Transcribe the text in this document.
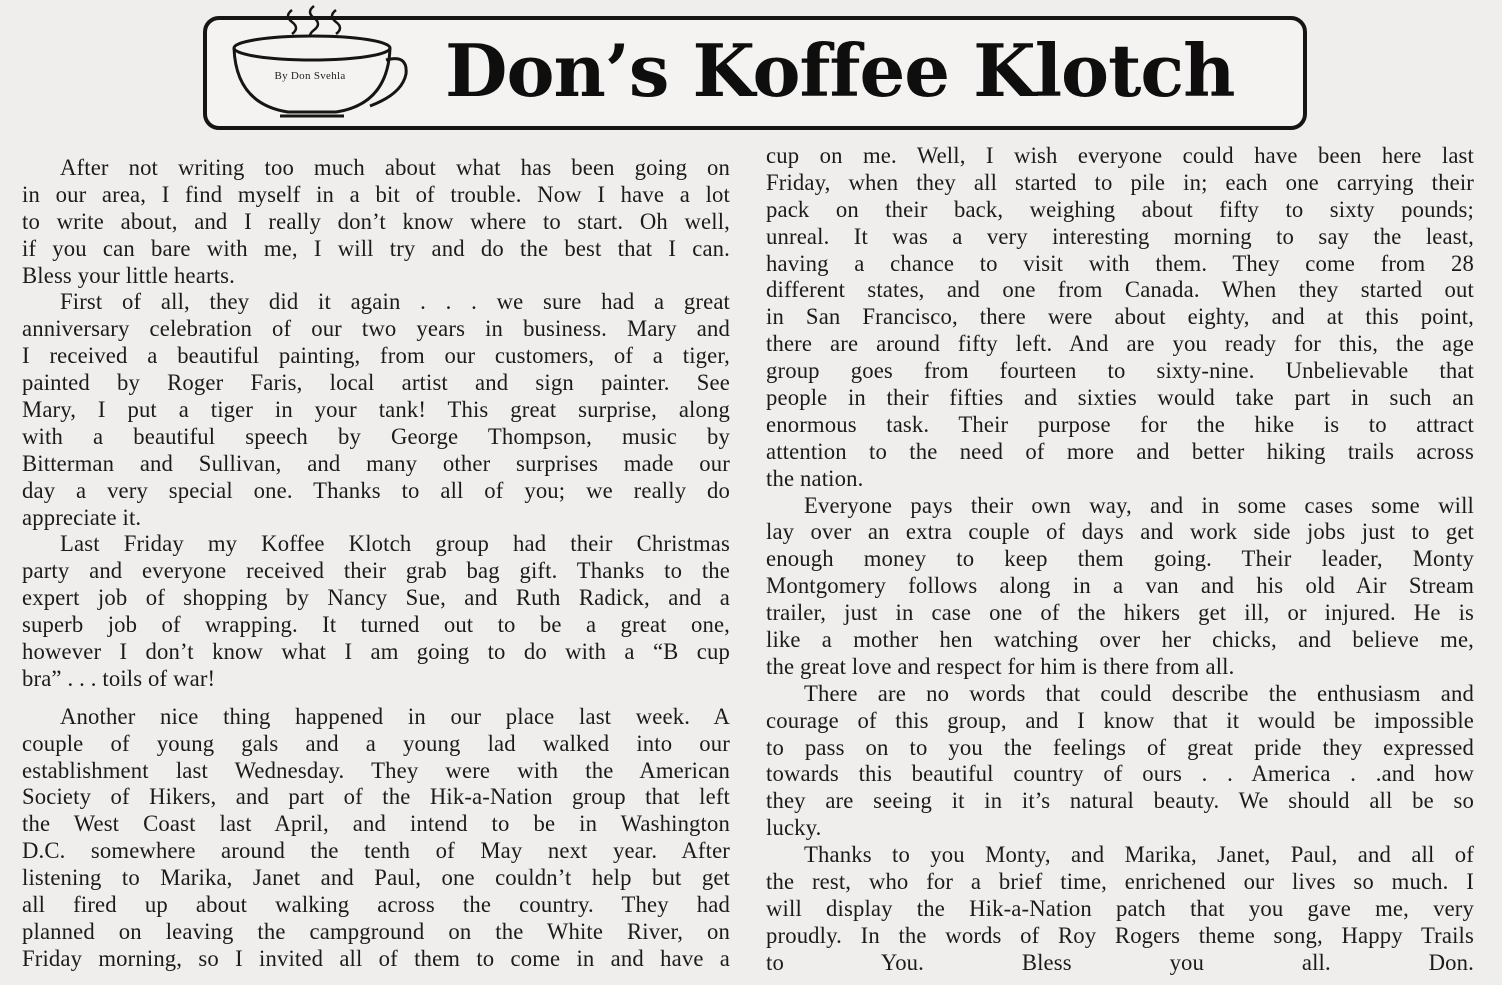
By Don Svehla	Don’s Koffee Klotch
After not writing too much about what has been going on
in our area, I find myself in a bit of trouble. Now I have a lot
to write about, and I really don’t know where to start. Oh well,
if you can bare with me, I will try and do the best that I can.
Bless your little hearts.
First of all, they did it again . . . we sure had a great
anniversary celebration of our two years in business. Mary and
I received a beautiful painting, from our customers, of a tiger,
painted by Roger Faris, local artist and sign painter. See
Mary, I put a tiger in your tank! This great surprise, along
with a beautiful speech by George Thompson, music by
Bitterman and Sullivan, and many other surprises made our
day a very special one. Thanks to all of you; we really do
appreciate it.
Last Friday my Koffee Klotch group had their Christmas
party and everyone received their grab bag gift. Thanks to the
expert job of shopping by Nancy Sue, and Ruth Radick, and a
superb job of wrapping. It turned out to be a great one,
however I don’t know what I am going to do with a “B cup
bra” . . . toils of war!
Another nice thing happened in our place last week. A
couple of young gals and a young lad walked into our
establishment last Wednesday. They were with the American
Society of Hikers, and part of the Hik-a-Nation group that left
the West Coast last April, and intend to be in Washington
D.C. somewhere around the tenth of May next year. After
listening to Marika, Janet and Paul, one couldn’t help but get
all fired up about walking across the country. They had
planned on leaving the campground on the White River, on
Friday morning, so I invited all of them to come in and have a
cup on me. Well, I wish everyone could have been here last
Friday, when they all started to pile in; each one carrying their
pack on their back, weighing about fifty to sixty pounds;
unreal. It was a very interesting morning to say the least,
having a chance to visit with them. They come from 28
different states, and one from Canada. When they started out
in San Francisco, there were about eighty, and at this point,
there are around fifty left. And are you ready for this, the age
group goes from fourteen to sixty-nine. Unbelievable that
people in their fifties and sixties would take part in such an
enormous task. Their purpose for the hike is to attract
attention to the need of more and better hiking trails across
the nation.
Everyone pays their own way, and in some cases some will
lay over an extra couple of days and work side jobs just to get
enough money to keep them going. Their leader, Monty
Montgomery follows along in a van and his old Air Stream
trailer, just in case one of the hikers get ill, or injured. He is
like a mother hen watching over her chicks, and believe me,
the great love and respect for him is there from all.
There are no words that could describe the enthusiasm and
courage of this group, and I know that it would be impossible
to pass on to you the feelings of great pride they expressed
towards this beautiful country of ours . . America . .and how
they are seeing it in it’s natural beauty. We should all be so
lucky.
Thanks to you Monty, and Marika, Janet, Paul, and all of
the rest, who for a brief time, enrichened our lives so much. I
will display the Hik-a-Nation patch that you gave me, very
proudly. In the words of Roy Rogers theme song, Happy Trails
to You. Bless you all. Don.
